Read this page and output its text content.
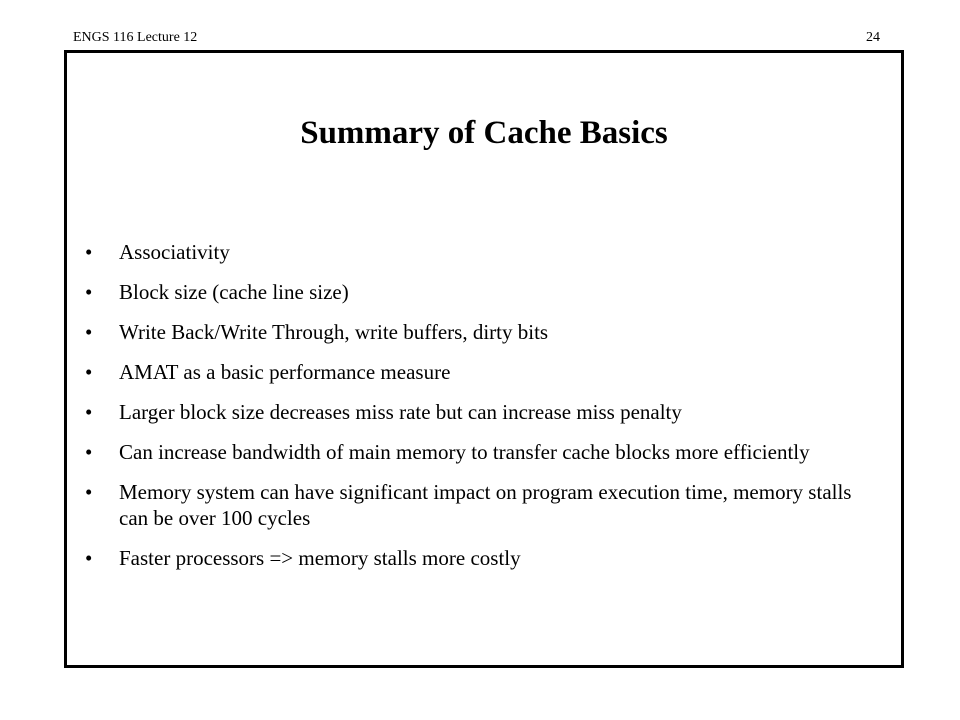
ENGS 116 Lecture 12	24
Summary of Cache Basics
• Associativity
• Block size (cache line size)
• Write Back/Write Through, write buffers, dirty bits
• AMAT as a basic performance measure
• Larger block size decreases miss rate but can increase miss penalty
• Can increase bandwidth of main memory to transfer cache blocks more efficiently
• Memory system can have significant impact on program execution time, memory stalls can be over 100 cycles
• Faster processors => memory stalls more costly
